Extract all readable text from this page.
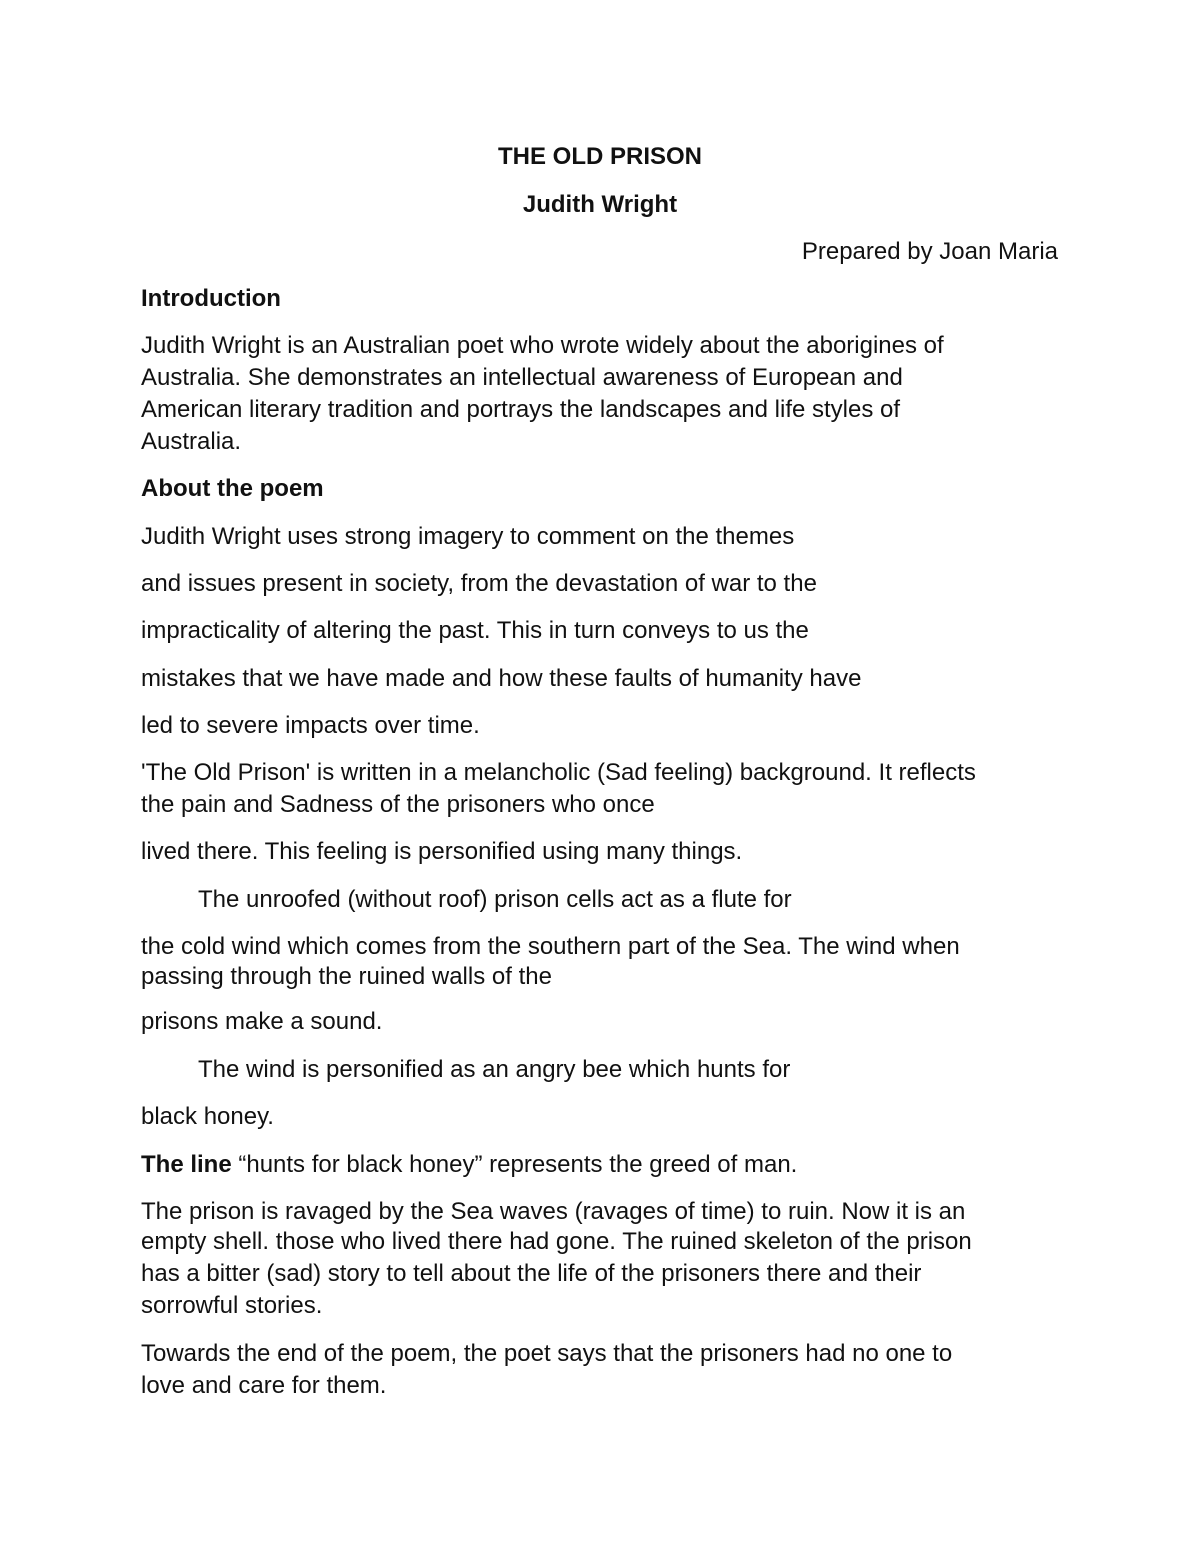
THE OLD PRISON

Judith Wright

Prepared by Joan Maria

Introduction

Judith Wright is an Australian poet who wrote widely about the aborigines of

Australia. She demonstrates an intellectual awareness of European and

American literary tradition and portrays the landscapes and life styles of

Australia.

About the poem

Judith Wright uses strong imagery to comment on the themes

and issues present in society, from the devastation of war to the

impracticality of altering the past. This in turn conveys to us the

mistakes that we have made and how these faults of humanity have

led to severe impacts over time.

'The Old Prison' is written in a melancholic (Sad feeling) background. It reflects

the pain and Sadness of the prisoners who once

lived there. This feeling is personified using many things.

The unroofed (without roof) prison cells act as a flute for

the cold wind which comes from the southern part of the Sea. The wind when

passing through the ruined walls of the

prisons make a sound.

The wind is personified as an angry bee which hunts for

black honey.

The line “hunts for black honey” represents the greed of man.

The prison is ravaged by the Sea waves (ravages of time) to ruin. Now it is an

empty shell. those who lived there had gone. The ruined skeleton of the prison

has a bitter (sad) story to tell about the life of the prisoners there and their

sorrowful stories.

Towards the end of the poem, the poet says that the prisoners had no one to

love and care for them.
